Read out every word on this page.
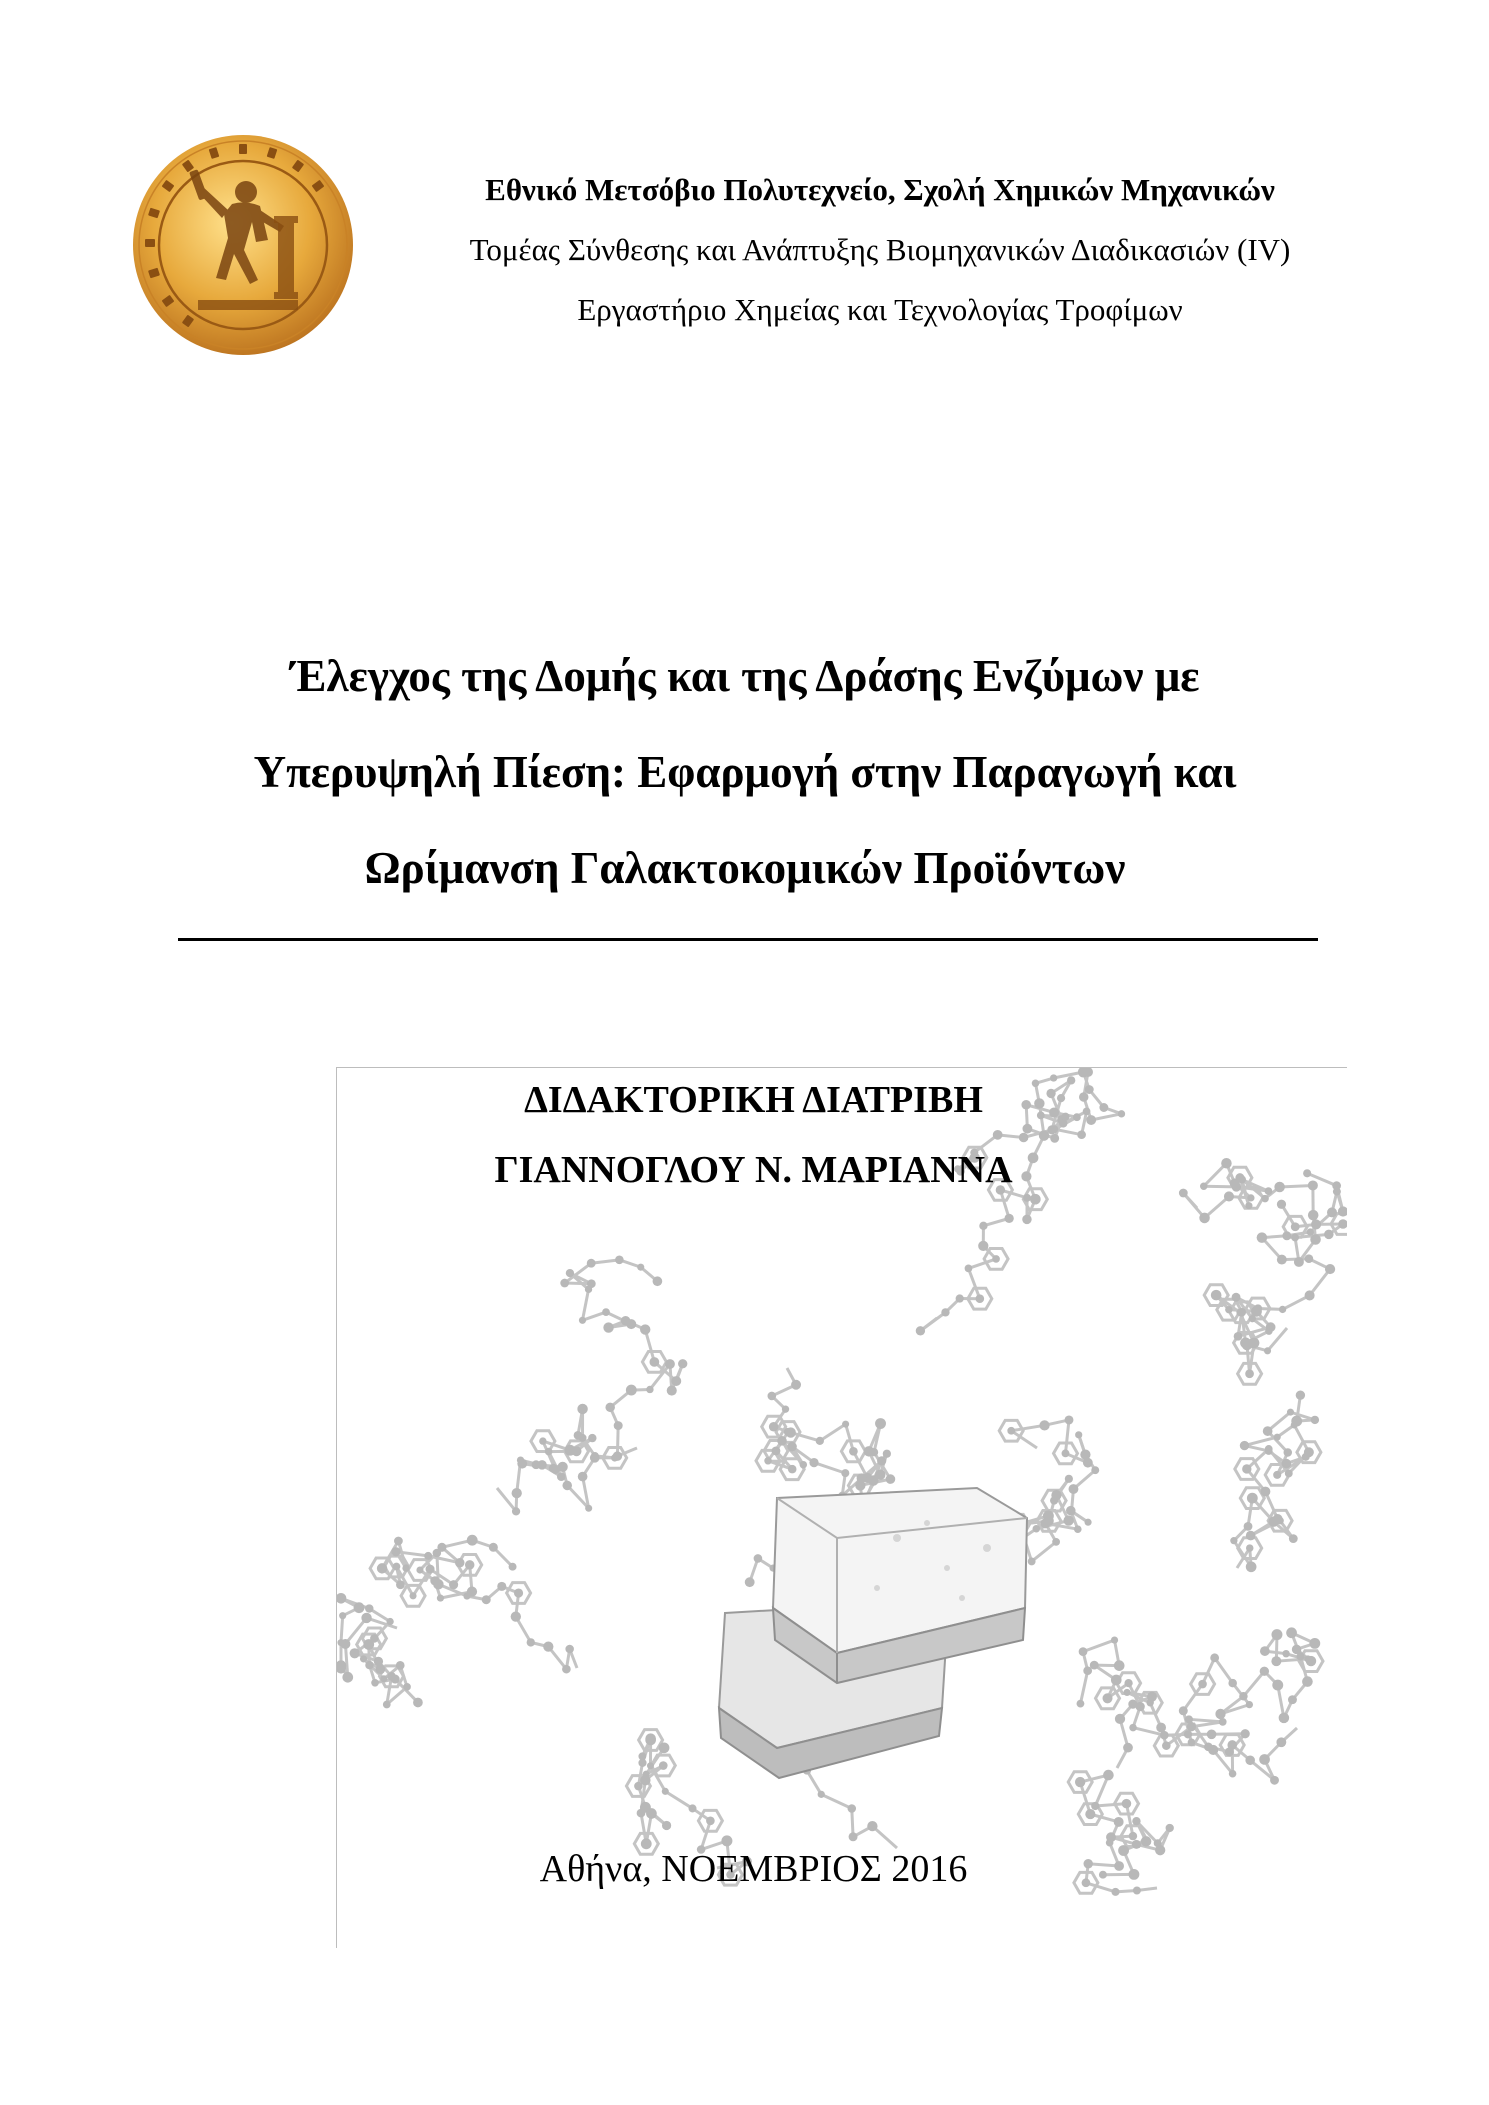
Εθνικό Μετσόβιο Πολυτεχνείο, Σχολή Χημικών Μηχανικών
Τομέας Σύνθεσης και Ανάπτυξης Βιομηχανικών Διαδικασιών (IV)
Εργαστήριο Χημείας και Τεχνολογίας Τροφίμων
Έλεγχος της Δομής και της Δράσης Ενζύμων με
Υπερυψηλή Πίεση: Εφαρμογή στην Παραγωγή και
Ωρίμανση Γαλακτοκομικών Προϊόντων
ΔΙΔΑΚΤΟΡΙΚΗ ΔΙΑΤΡΙΒΗ
ΓΙΑΝΝΟΓΛΟΥ Ν. ΜΑΡΙΑΝΝΑ
Αθήνα, ΝΟΕΜΒΡΙΟΣ 2016
